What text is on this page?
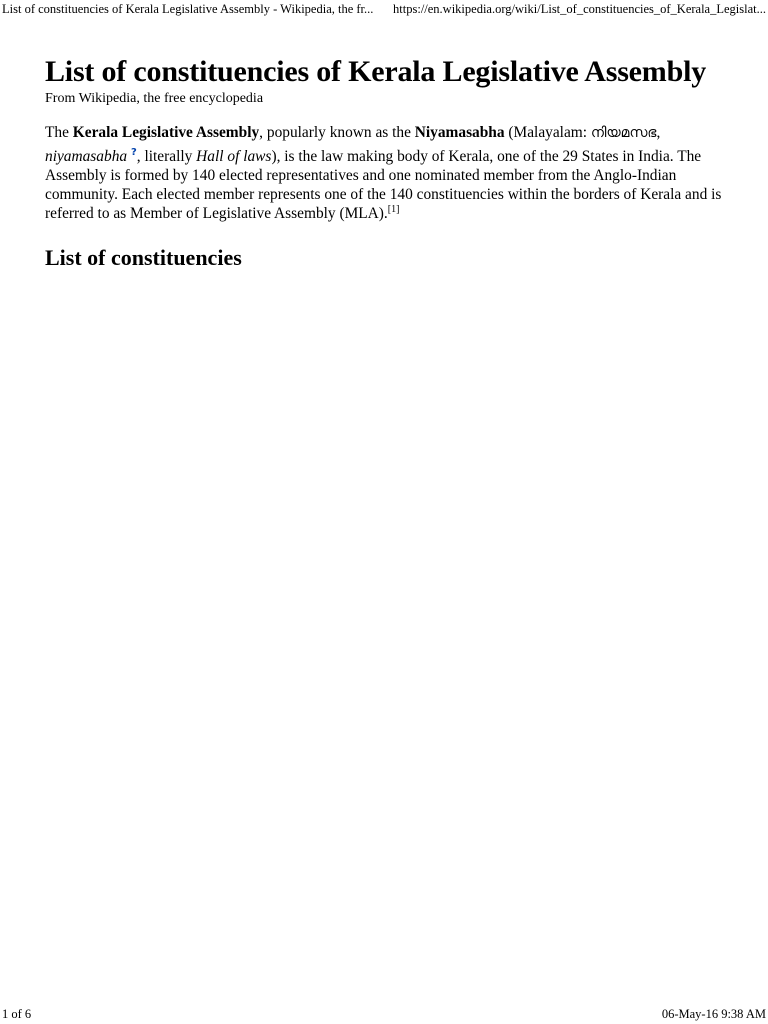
List of constituencies of Kerala Legislative Assembly - Wikipedia, the fr... https://en.wikipedia.org/wiki/List_of_constituencies_of_Kerala_Legislat...
List of constituencies of Kerala Legislative Assembly
From Wikipedia, the free encyclopedia

The Kerala Legislative Assembly, popularly known as the Niyamasabha (Malayalam: നിയമസഭ, niyamasabha ?, literally Hall of laws), is the law making body of Kerala, one of the 29 States in India. The Assembly is formed by 140 elected representatives and one nominated member from the Anglo-Indian community. Each elected member represents one of the 140 constituencies within the borders of Kerala and is referred to as Member of Legislative Assembly (MLA).[1]

List of constituencies
1 of 6	06-May-16 9:38 AM
